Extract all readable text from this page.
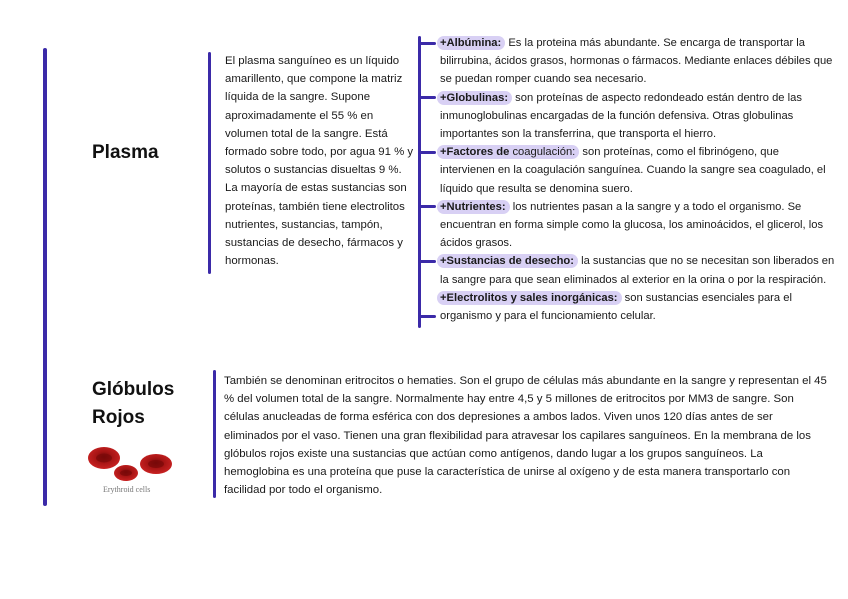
Plasma
El plasma sanguíneo es un líquido amarillento, que compone la matriz líquida de la sangre. Supone aproximadamente el 55 % en volumen total de la sangre. Está formado sobre todo, por agua 91 % y solutos o sustancias disueltas 9 %. La mayoría de estas sustancias son proteínas, también tiene electrolitos nutrientes, sustancias, tampón, sustancias de desecho, fármacos y hormonas.
+Albúmina: Es la proteina más abundante. Se encarga de transportar la bilirrubina, ácidos grasos, hormonas o fármacos. Mediante enlaces débiles que se puedan romper cuando sea necesario.
+Globulinas: son proteínas de aspecto redondeado están dentro de las inmunoglobulinas encargadas de la función defensiva. Otras globulinas importantes son la transferrina, que transporta el hierro.
+Factores de coagulación: son proteínas, como el fibrinógeno, que intervienen en la coagulación sanguínea. Cuando la sangre sea coagulado, el líquido que resulta se denomina suero.
+Nutrientes: los nutrientes pasan a la sangre y a todo el organismo. Se encuentran en forma simple como la glucosa, los aminoácidos, el glicerol, los ácidos grasos.
+Sustancias de desecho: la sustancias que no se necesitan son liberados en la sangre para que sean eliminados al exterior en la orina o por la respiración.
+Electrolitos y sales inorgánicas: son sustancias esenciales para el organismo y para el funcionamiento celular.
Glóbulos
Rojos
Erythroid cells
También se denominan eritrocitos o hematies. Son el grupo de células más abundante en la sangre y representan el 45 % del volumen total de la sangre. Normalmente hay entre 4,5 y 5 millones de eritrocitos por MM3 de sangre. Son células anucleadas de forma esférica con dos depresiones a ambos lados. Viven unos 120 días antes de ser eliminados por el vaso. Tienen una gran flexibilidad para atravesar los capilares sanguíneos. En la membrana de los glóbulos rojos existe una sustancias que actúan como antígenos, dando lugar a los grupos sanguíneos. La hemoglobina es una proteína que puse la característica de unirse al oxígeno y de esta manera transportarlo con facilidad por todo el organismo.
